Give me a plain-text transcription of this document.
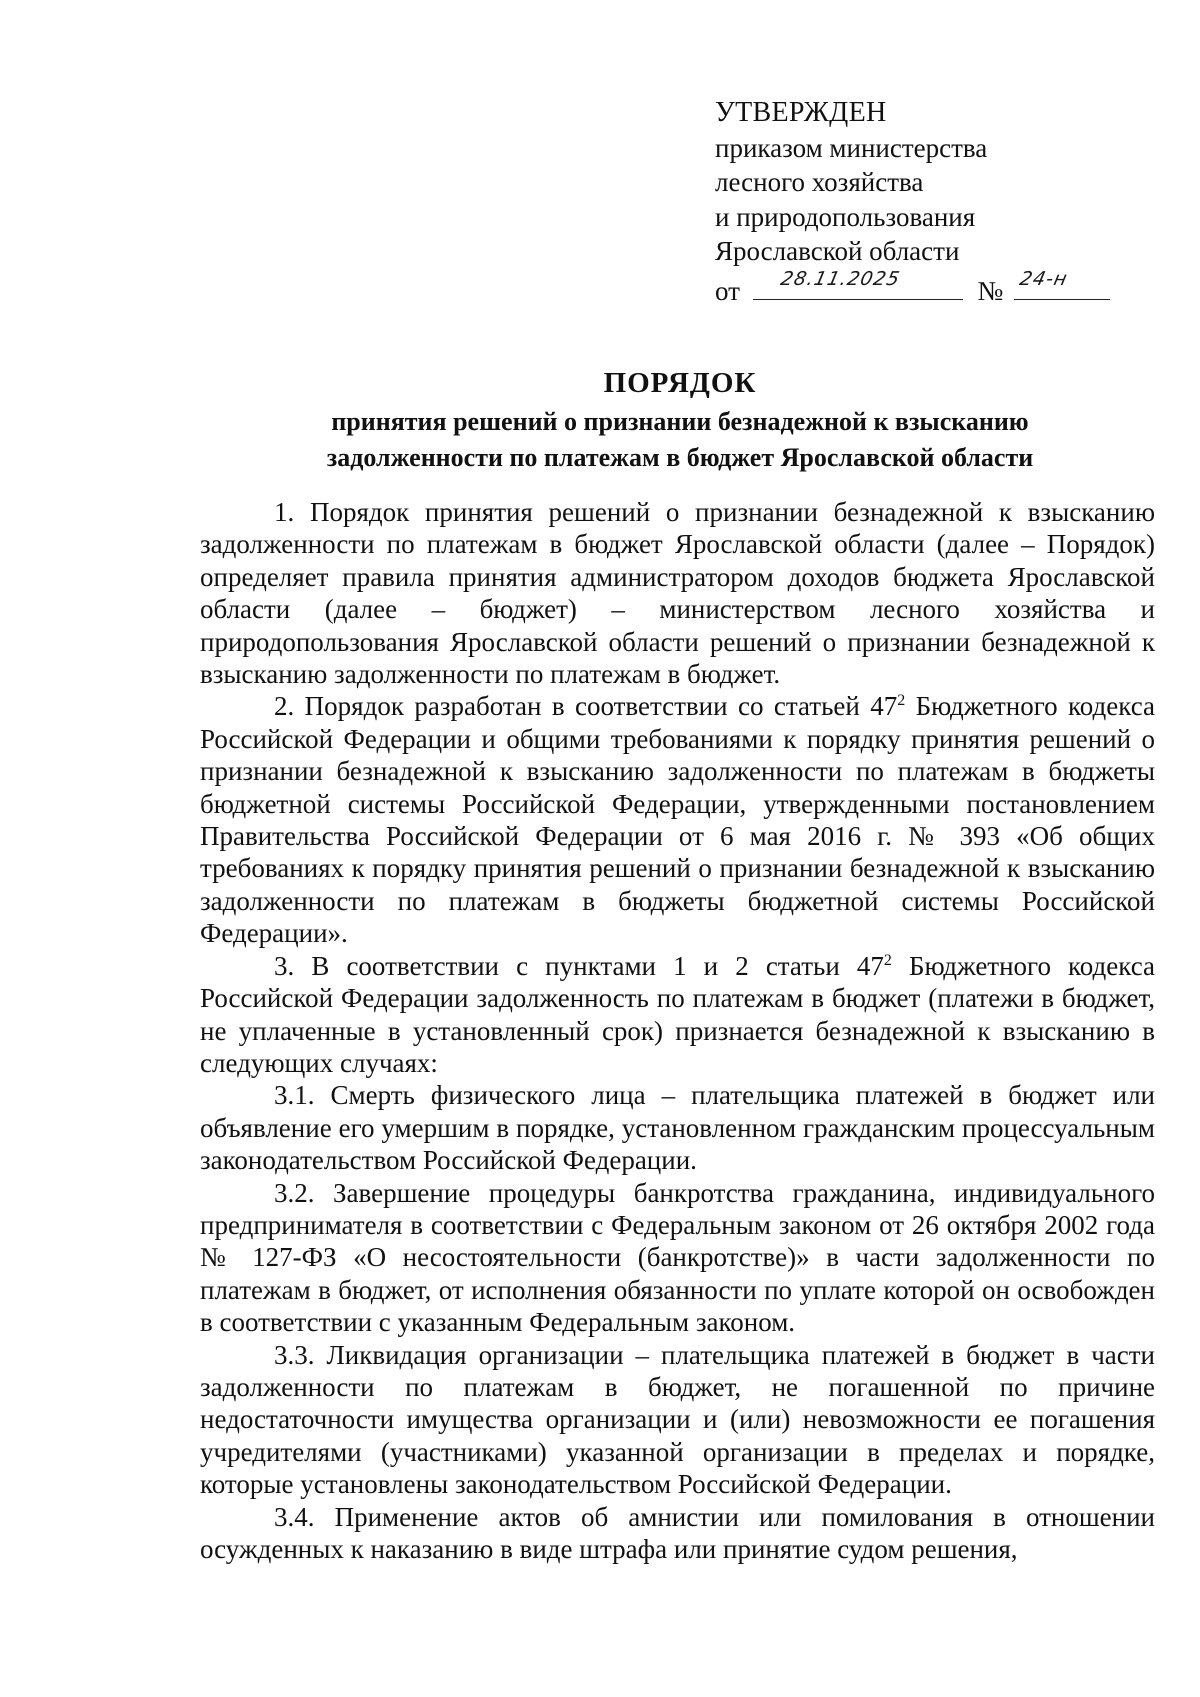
УТВЕРЖДЕН
приказом министерства
лесного хозяйства
и природопользования
Ярославской области
от 28.11.2025	№ 24-н
ПОРЯДОК
принятия решений о признании безнадежной к взысканию
задолженности по платежам в бюджет Ярославской области

1. Порядок принятия решений о признании безнадежной к взысканию задолженности по платежам в бюджет Ярославской области (далее – Порядок) определяет правила принятия администратором доходов бюджета Ярославской области (далее – бюджет) – министерством лесного хозяйства и природопользования Ярославской области решений о признании безнадежной к взысканию задолженности по платежам в бюджет.

2. Порядок разработан в соответствии со статьей $47^2$ Бюджетного кодекса Российской Федерации и общими требованиями к порядку принятия решений о признании безнадежной к взысканию задолженности по платежам в бюджеты бюджетной системы Российской Федерации, утвержденными постановлением Правительства Российской Федерации от 6 мая 2016 г. № 393 «Об общих требованиях к порядку принятия решений о признании безнадежной к взысканию задолженности по платежам в бюджеты бюджетной системы Российской Федерации».

3. В соответствии с пунктами 1 и 2 статьи $47^2$ Бюджетного кодекса Российской Федерации задолженность по платежам в бюджет (платежи в бюджет, не уплаченные в установленный срок) признается безнадежной к взысканию в следующих случаях:

3.1. Смерть физического лица – плательщика платежей в бюджет или объявление его умершим в порядке, установленном гражданским процессуальным законодательством Российской Федерации.

3.2. Завершение процедуры банкротства гражданина, индивидуального предпринимателя в соответствии с Федеральным законом от 26 октября 2002 года № 127-ФЗ «О несостоятельности (банкротстве)» в части задолженности по платежам в бюджет, от исполнения обязанности по уплате которой он освобожден в соответствии с указанным Федеральным законом.

3.3. Ликвидация организации – плательщика платежей в бюджет в части задолженности по платежам в бюджет, не погашенной по причине недостаточности имущества организации и (или) невозможности ее погашения учредителями (участниками) указанной организации в пределах и порядке, которые установлены законодательством Российской Федерации.

3.4. Применение актов об амнистии или помилования в отношении осужденных к наказанию в виде штрафа или принятие судом решения,
